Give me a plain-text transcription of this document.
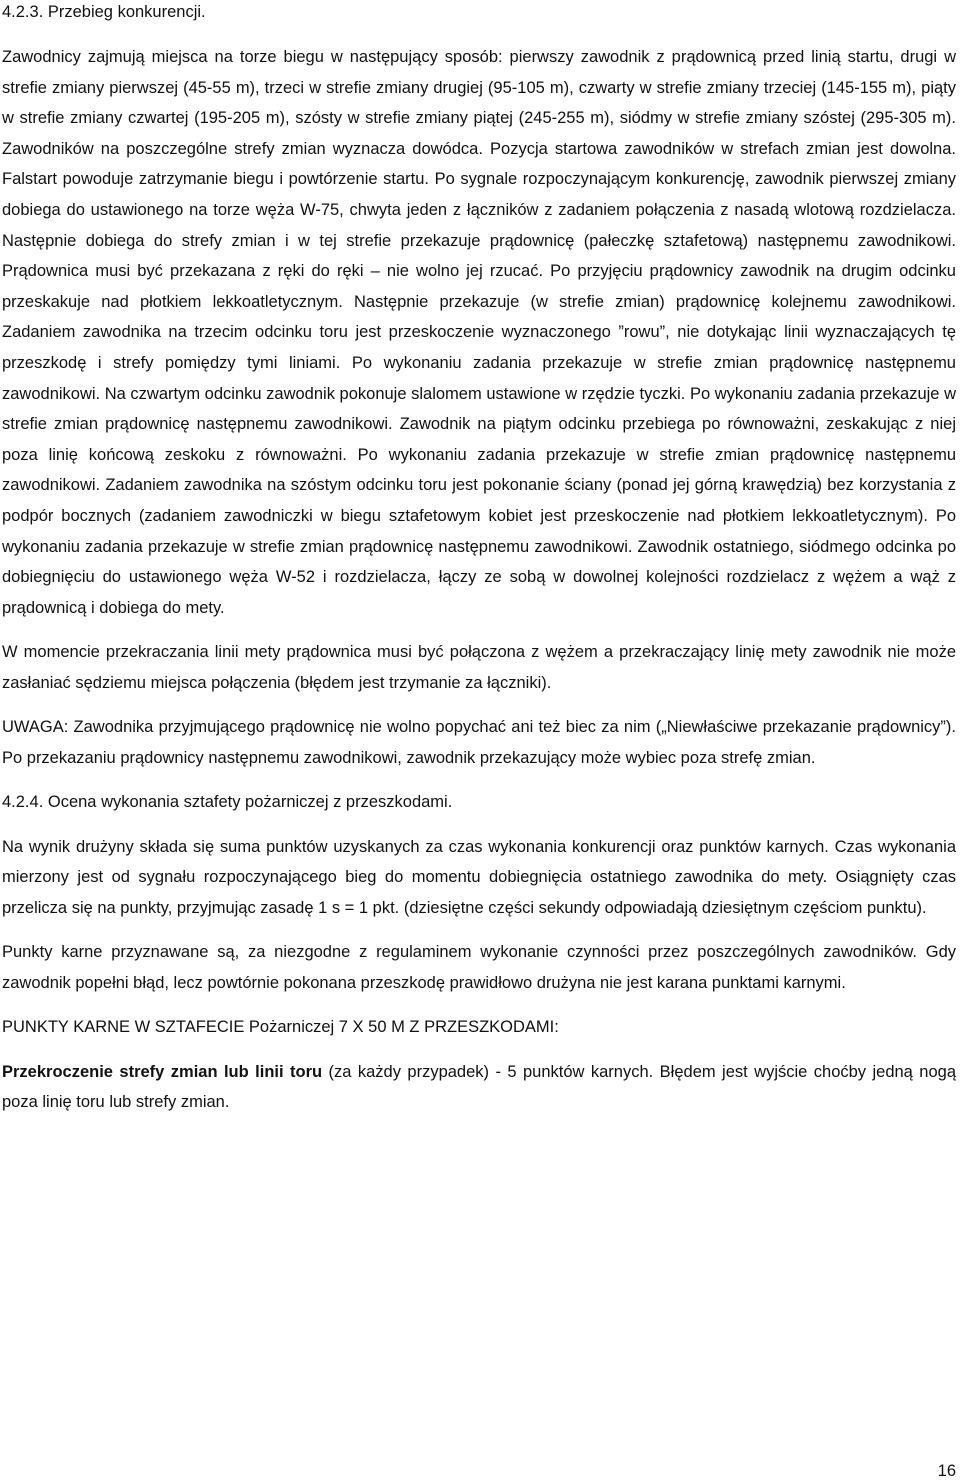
4.2.3. Przebieg konkurencji.

Zawodnicy zajmują miejsca na torze biegu w następujący sposób: pierwszy zawodnik z prądownicą przed linią startu, drugi w strefie zmiany pierwszej (45-55 m), trzeci w strefie zmiany drugiej (95-105 m), czwarty w strefie zmiany trzeciej (145-155 m), piąty w strefie zmiany czwartej (195-205 m), szósty w strefie zmiany piątej (245-255 m), siódmy w strefie zmiany szóstej (295-305 m). Zawodników na poszczególne strefy zmian wyznacza dowódca. Pozycja startowa zawodników w strefach zmian jest dowolna. Falstart powoduje zatrzymanie biegu i powtórzenie startu. Po sygnale rozpoczynającym konkurencję, zawodnik pierwszej zmiany dobiega do ustawionego na torze węża W-75, chwyta jeden z łączników z zadaniem połączenia z nasadą wlotową rozdzielacza. Następnie dobiega do strefy zmian i w tej strefie przekazuje prądownicę (pałeczkę sztafetową) następnemu zawodnikowi. Prądownica musi być przekazana z ręki do ręki – nie wolno jej rzucać. Po przyjęciu prądownicy zawodnik na drugim odcinku przeskakuje nad płotkiem lekkoatletycznym. Następnie przekazuje (w strefie zmian) prądownicę kolejnemu zawodnikowi. Zadaniem zawodnika na trzecim odcinku toru jest przeskoczenie wyznaczonego ”rowu”, nie dotykając linii wyznaczających tę przeszkodę i strefy pomiędzy tymi liniami. Po wykonaniu zadania przekazuje w strefie zmian prądownicę następnemu zawodnikowi. Na czwartym odcinku zawodnik pokonuje slalomem ustawione w rzędzie tyczki. Po wykonaniu zadania przekazuje w strefie zmian prądownicę następnemu zawodnikowi. Zawodnik na piątym odcinku przebiega po równoważni, zeskakując z niej poza linię końcową zeskoku z równoważni. Po wykonaniu zadania przekazuje w strefie zmian prądownicę następnemu zawodnikowi. Zadaniem zawodnika na szóstym odcinku toru jest pokonanie ściany (ponad jej górną krawędzią) bez korzystania z podpór bocznych (zadaniem zawodniczki w biegu sztafetowym kobiet jest przeskoczenie nad płotkiem lekkoatletycznym). Po wykonaniu zadania przekazuje w strefie zmian prądownicę następnemu zawodnikowi. Zawodnik ostatniego, siódmego odcinka po dobiegnięciu do ustawionego węża W-52 i rozdzielacza, łączy ze sobą w dowolnej kolejności rozdzielacz z wężem a wąż z prądownicą i dobiega do mety.

W momencie przekraczania linii mety prądownica musi być połączona z wężem a przekraczający linię mety zawodnik nie może zasłaniać sędziemu miejsca połączenia (błędem jest trzymanie za łączniki).

UWAGA: Zawodnika przyjmującego prądownicę nie wolno popychać ani też biec za nim („Niewłaściwe przekazanie prądownicy”). Po przekazaniu prądownicy następnemu zawodnikowi, zawodnik przekazujący może wybiec poza strefę zmian.

4.2.4. Ocena wykonania sztafety pożarniczej z przeszkodami.

Na wynik drużyny składa się suma punktów uzyskanych za czas wykonania konkurencji oraz punktów karnych. Czas wykonania mierzony jest od sygnału rozpoczynającego bieg do momentu dobiegnięcia ostatniego zawodnika do mety. Osiągnięty czas przelicza się na punkty, przyjmując zasadę 1 s = 1 pkt. (dziesiętne części sekundy odpowiadają dziesiętnym częściom punktu).

Punkty karne przyznawane są, za niezgodne z regulaminem wykonanie czynności przez poszczególnych zawodników. Gdy zawodnik popełni błąd, lecz powtórnie pokonana przeszkodę prawidłowo drużyna nie jest karana punktami karnymi.

PUNKTY KARNE W SZTAFECIE Pożarniczej 7 X 50 M Z PRZESZKODAMI:

Przekroczenie strefy zmian lub linii toru (za każdy przypadek) - 5 punktów karnych. Błędem jest wyjście choćby jedną nogą poza linię toru lub strefy zmian.

16
